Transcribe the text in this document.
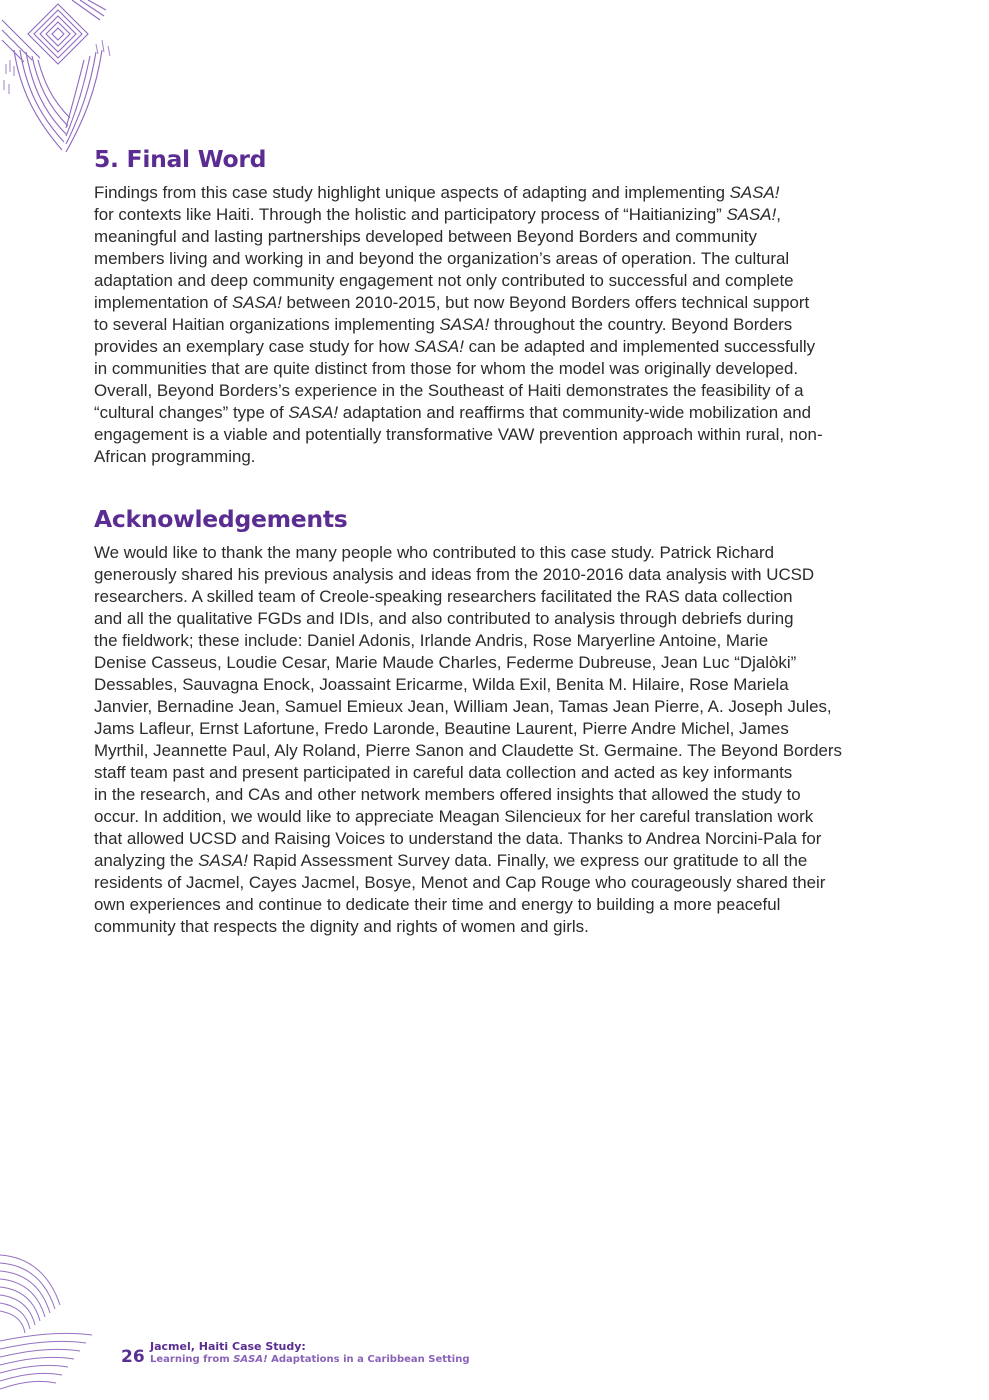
5. Final Word

Findings from this case study highlight unique aspects of adapting and implementing SASA!
for contexts like Haiti. Through the holistic and participatory process of “Haitianizing” SASA!,
meaningful and lasting partnerships developed between Beyond Borders and community
members living and working in and beyond the organization’s areas of operation. The cultural
adaptation and deep community engagement not only contributed to successful and complete
implementation of SASA! between 2010-2015, but now Beyond Borders offers technical support
to several Haitian organizations implementing SASA! throughout the country. Beyond Borders
provides an exemplary case study for how SASA! can be adapted and implemented successfully
in communities that are quite distinct from those for whom the model was originally developed.
Overall, Beyond Borders’s experience in the Southeast of Haiti demonstrates the feasibility of a
“cultural changes” type of SASA! adaptation and reaffirms that community-wide mobilization and
engagement is a viable and potentially transformative VAW prevention approach within rural, non-
African programming.

Acknowledgements

We would like to thank the many people who contributed to this case study. Patrick Richard
generously shared his previous analysis and ideas from the 2010-2016 data analysis with UCSD
researchers. A skilled team of Creole-speaking researchers facilitated the RAS data collection
and all the qualitative FGDs and IDIs, and also contributed to analysis through debriefs during
the fieldwork; these include: Daniel Adonis, Irlande Andris, Rose Maryerline Antoine, Marie
Denise Casseus, Loudie Cesar, Marie Maude Charles, Federme Dubreuse, Jean Luc “Djalòki”
Dessables, Sauvagna Enock, Joassaint Ericarme, Wilda Exil, Benita M. Hilaire, Rose Mariela
Janvier, Bernadine Jean, Samuel Emieux Jean, William Jean, Tamas Jean Pierre, A. Joseph Jules,
Jams Lafleur, Ernst Lafortune, Fredo Laronde, Beautine Laurent, Pierre Andre Michel, James
Myrthil, Jeannette Paul, Aly Roland, Pierre Sanon and Claudette St. Germaine. The Beyond Borders
staff team past and present participated in careful data collection and acted as key informants
in the research, and CAs and other network members offered insights that allowed the study to
occur. In addition, we would like to appreciate Meagan Silencieux for her careful translation work
that allowed UCSD and Raising Voices to understand the data. Thanks to Andrea Norcini-Pala for
analyzing the SASA! Rapid Assessment Survey data. Finally, we express our gratitude to all the
residents of Jacmel, Cayes Jacmel, Bosye, Menot and Cap Rouge who courageously shared their
own experiences and continue to dedicate their time and energy to building a more peaceful
community that respects the dignity and rights of women and girls.

26
Jacmel, Haiti Case Study:
Learning from SASA! Adaptations in a Caribbean Setting
